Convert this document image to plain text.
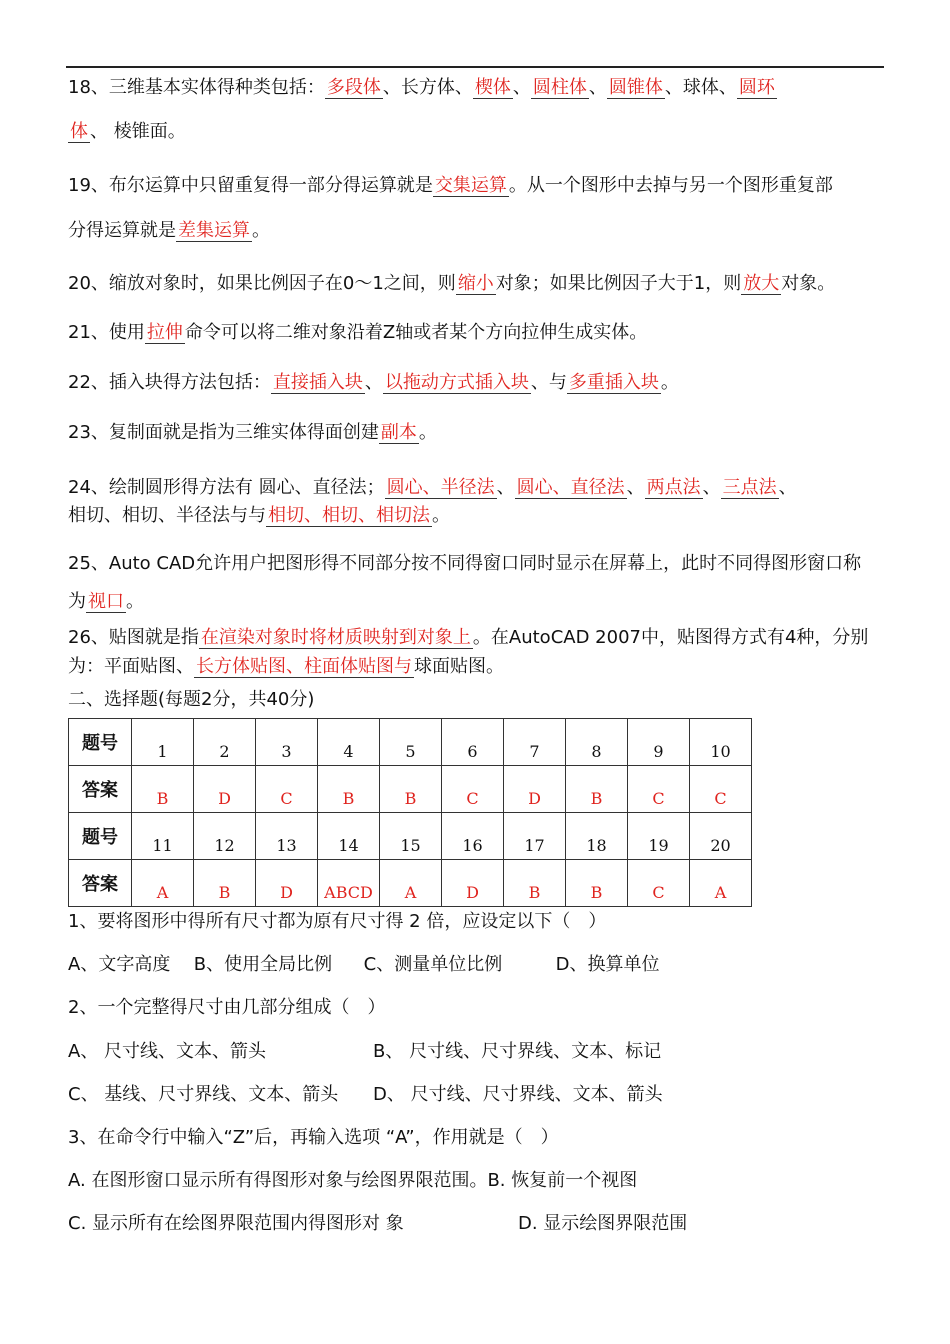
18、三维基本实体得种类包括： 多段体 、长方体、 楔体 、 圆柱体 、 圆锥体 、球体、 圆环
体 、 棱锥面。
19、布尔运算中只留重复得一部分得运算就是 交集运算 。从一个图形中去掉与另一个图形重复部
分得运算就是 差集运算 。
20、缩放对象时，如果比例因子在0～1之间，则 缩小 对象；如果比例因子大于1，则 放大 对象。
21、使用 拉伸 命令可以将二维对象沿着Z轴或者某个方向拉伸生成实体。
22、插入块得方法包括： 直接插入块 、 以拖动方式插入块 、与 多重插入块 。
23、复制面就是指为三维实体得面创建 副本 。
24、绘制圆形得方法有 圆心、直径法； 圆心、半径法 、 圆心、直径法 、 两点法 、 三点法 、
相切、相切、半径法与与 相切、相切、相切法 。
25、Auto CAD允许用户把图形得不同部分按不同得窗口同时显示在屏幕上，此时不同得图形窗口称
为 视口 。
26、贴图就是指 在渲染对象时将材质映射到对象上 。在AutoCAD 2007中，贴图得方式有4种，分别
为：平面贴图、 长方体贴图、柱面体贴图与 球面贴图。
二、选择题(每题2分，共40分)
题号	1	2	3	4	5	6	7	8	9	10
答案	B	D	C	B	B	C	D	B	C	C
题号	11	12	13	14	15	16	17	18	19	20
答案	A	B	D	ABCD	A	D	B	B	C	A
1、要将图形中得所有尺寸都为原有尺寸得 2 倍，应设定以下（　）
A、文字高度 B、使用全局比例 C、测量单位比例	D、换算单位
2、一个完整得尺寸由几部分组成（　）
A、 尺寸线、文本、箭头	B、 尺寸线、尺寸界线、文本、标记
C、 基线、尺寸界线、文本、箭头 D、 尺寸线、尺寸界线、文本、箭头
3、在命令行中输入“Z”后，再输入选项 “A”，作用就是（　）
A. 在图形窗口显示所有得图形对象与绘图界限范围。B. 恢复前一个视图
C. 显示所有在绘图界限范围内得图形对 象	D. 显示绘图界限范围
